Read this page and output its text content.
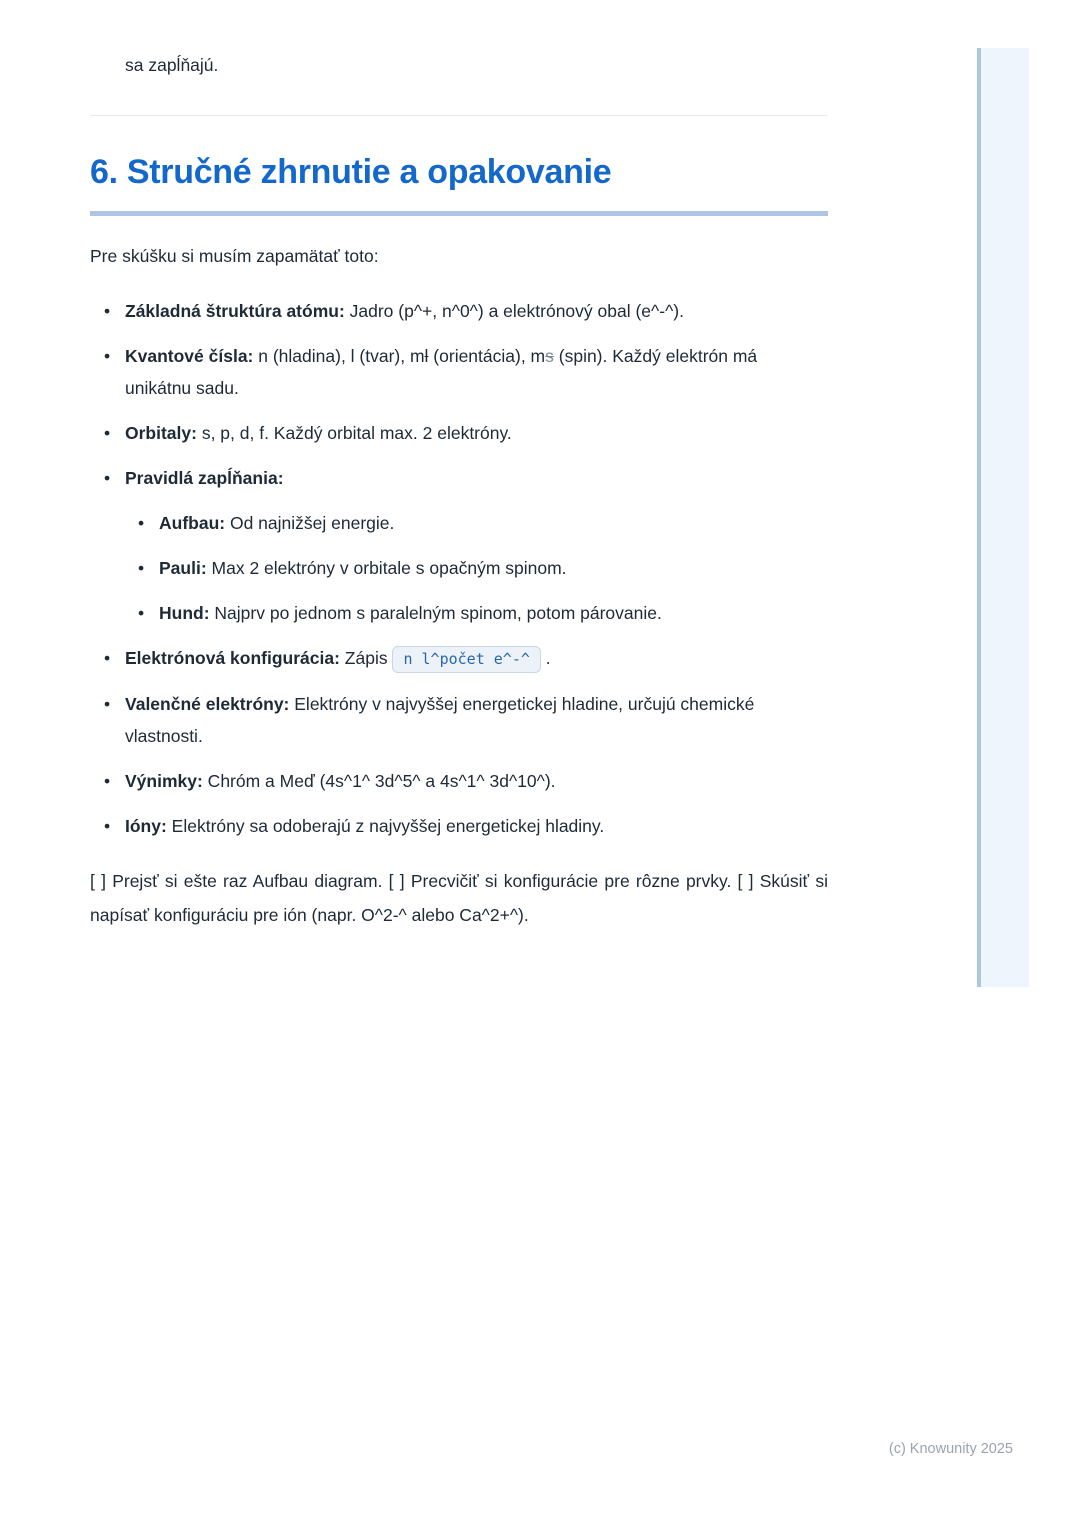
sa zapĺňajú.

6. Stručné zhrnutie a opakovanie

Pre skúšku si musím zapamätať toto:

• Základná štruktúra atómu: Jadro (p^+, n^0^) a elektrónový obal (e^-^).
• Kvantové čísla: n (hladina), l (tvar), ml (orientácia), ms (spin). Každý elektrón má unikátnu sadu.
• Orbitaly: s, p, d, f. Každý orbital max. 2 elektróny.
• Pravidlá zapĺňania:
• Aufbau: Od najnižšej energie.
• Pauli: Max 2 elektróny v orbitale s opačným spinom.
• Hund: Najprv po jednom s paralelným spinom, potom párovanie.
• Elektrónová konfigurácia: Zápis n l^počet e^-^ .
• Valenčné elektróny: Elektróny v najvyššej energetickej hladine, určujú chemické vlastnosti.
• Výnimky: Chróm a Meď (4s^1^ 3d^5^ a 4s^1^ 3d^10^).
• Ióny: Elektróny sa odoberajú z najvyššej energetickej hladiny.

[ ] Prejsť si ešte raz Aufbau diagram. [ ] Precvičiť si konfigurácie pre rôzne prvky. [ ] Skúsiť si napísať konfiguráciu pre ión (napr. O^2-^ alebo Ca^2+^).

(c) Knowunity 2025
